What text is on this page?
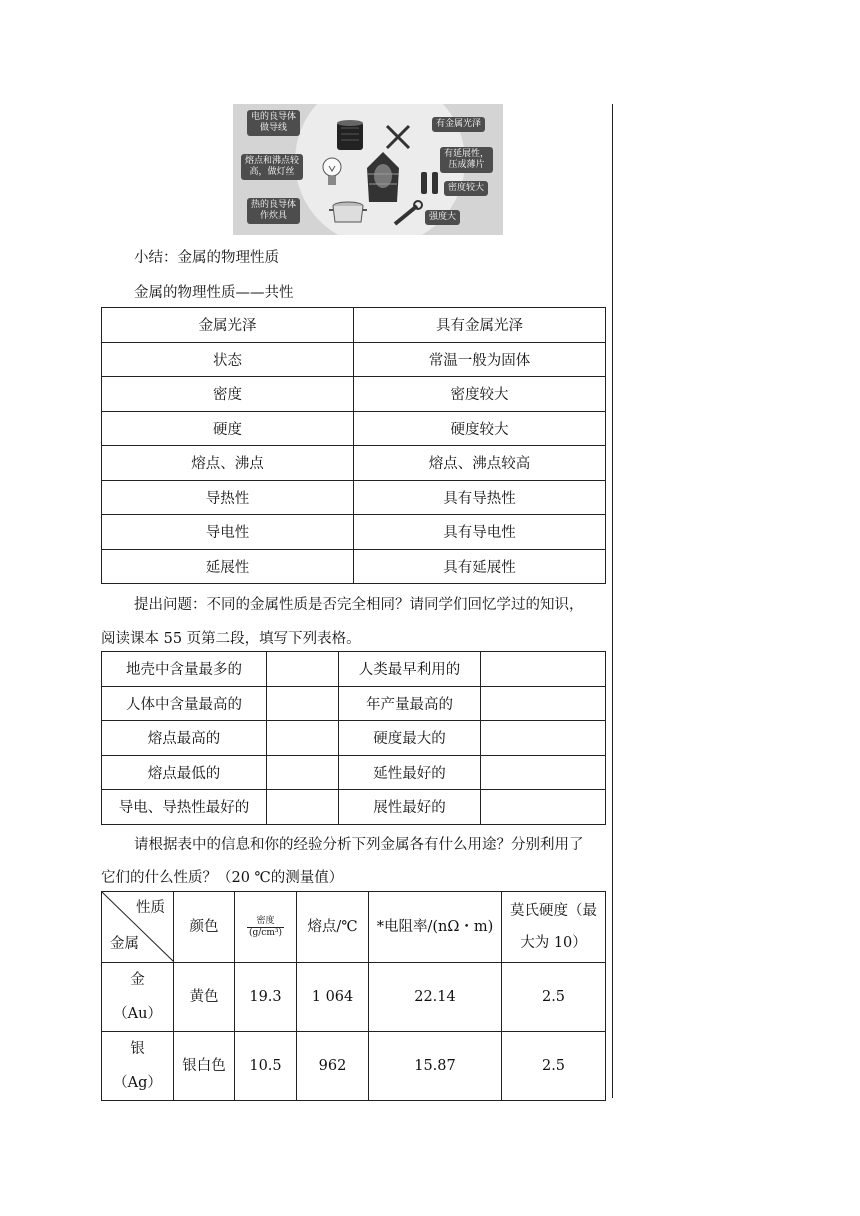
电的良导体
做导线
熔点和沸点较
高，做灯丝
热的良导体
作炊具
有金属光泽
有延展性，
压成薄片
密度较大
强度大
小结：金属的物理性质
金属的物理性质——共性
金属光泽	具有金属光泽
状态	常温一般为固体
密度	密度较大
硬度	硬度较大
熔点、沸点	熔点、沸点较高
导热性	具有导热性
导电性	具有导电性
延展性	具有延展性
提出问题：不同的金属性质是否完全相同？请同学们回忆学过的知识，
阅读课本 55 页第二段，填写下列表格。
地壳中含量最多的		人类最早利用的	
人体中含量最高的		年产量最高的	
熔点最高的		硬度最大的	
熔点最低的		延性最好的	
导电、导热性最好的		展性最好的	
请根据表中的信息和你的经验分析下列金属各有什么用途？分别利用了
它们的什么性质？（20 ℃的测量值）
性质
金属	颜色	$\frac{\text{密度}}{\text{(g/cm³)}}$	熔点/℃	*电阻率/(nΩ・m)	莫氏硬度（最大为 10）

金
（Au）	黄色	19.3	1 064	22.14	2.5

银
（Ag）	银白色	10.5	962	15.87	2.5
